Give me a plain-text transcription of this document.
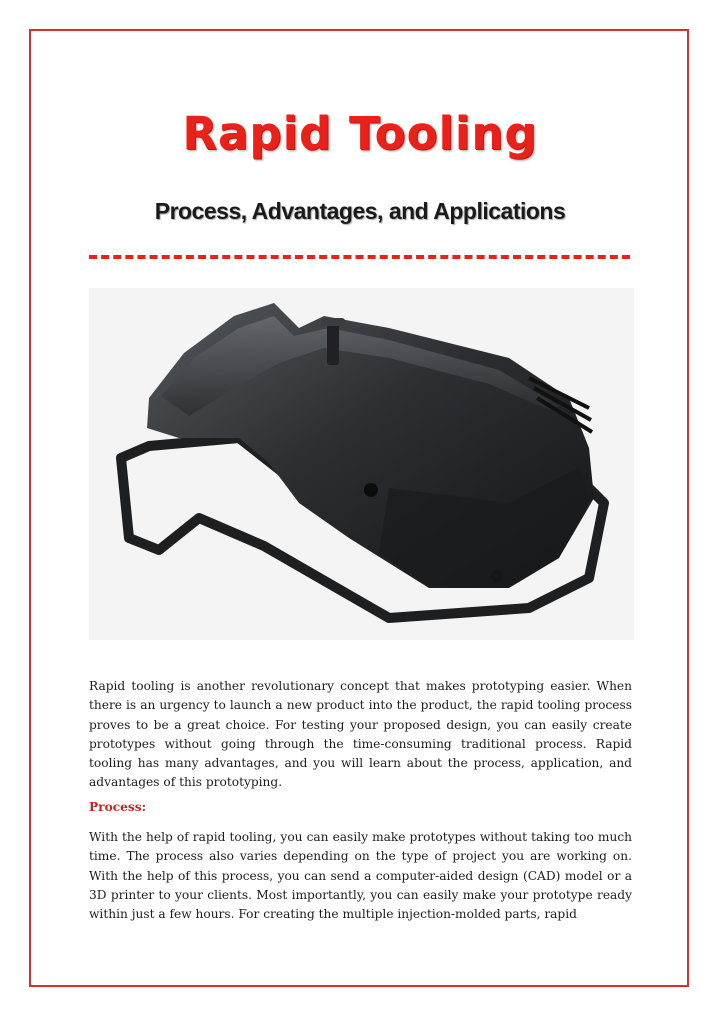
Rapid Tooling
Process, Advantages, and Applications

Rapid tooling is another revolutionary concept that makes prototyping easier. When there is an urgency to launch a new product into the product, the rapid tooling process proves to be a great choice. For testing your proposed design, you can easily create prototypes without going through the time-consuming traditional process. Rapid tooling has many advantages, and you will learn about the process, application, and advantages of this prototyping.

Process:

With the help of rapid tooling, you can easily make prototypes without taking too much time. The process also varies depending on the type of project you are working on. With the help of this process, you can send a computer-aided design (CAD) model or a 3D printer to your clients. Most importantly, you can easily make your prototype ready within just a few hours. For creating the multiple injection-molded parts, rapid
